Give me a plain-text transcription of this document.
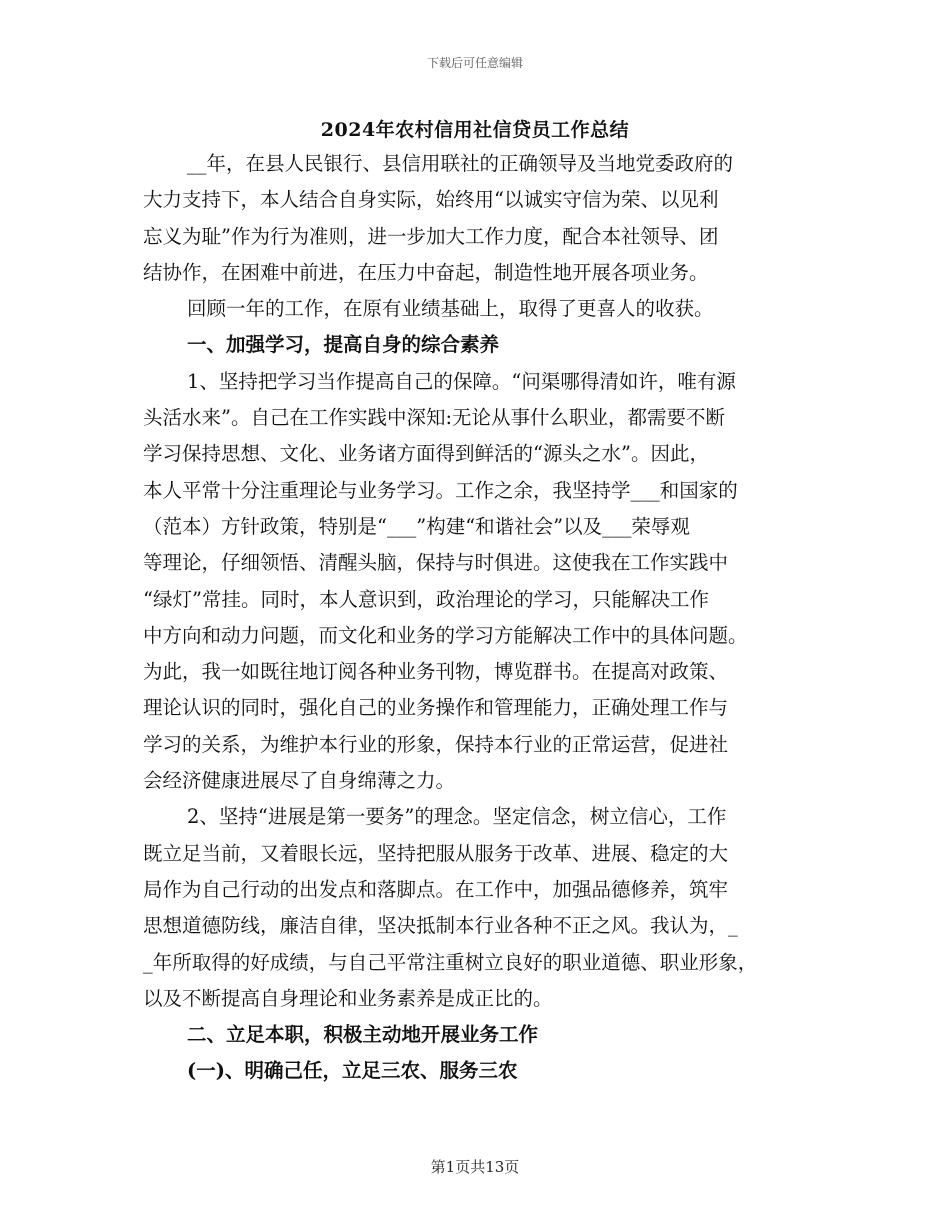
下载后可任意编辑
2024年农村信用社信贷员工作总结
__年，在县人民银行、县信用联社的正确领导及当地党委政府的
大力支持下，本人结合自身实际，始终用“以诚实守信为荣、以见利
忘义为耻”作为行为准则，进一步加大工作力度，配合本社领导、团
结协作，在困难中前进，在压力中奋起，制造性地开展各项业务。
回顾一年的工作，在原有业绩基础上，取得了更喜人的收获。
一、加强学习，提高自身的综合素养
1、坚持把学习当作提高自己的保障。“问渠哪得清如许，唯有源
头活水来”。自己在工作实践中深知:无论从事什么职业，都需要不断
学习保持思想、文化、业务诸方面得到鲜活的“源头之水”。因此，
本人平常十分注重理论与业务学习。工作之余，我坚持学___和国家的
（范本）方针政策，特别是“___”构建“和谐社会”以及___荣辱观
等理论，仔细领悟、清醒头脑，保持与时俱进。这使我在工作实践中
“绿灯”常挂。同时，本人意识到，政治理论的学习，只能解决工作
中方向和动力问题，而文化和业务的学习方能解决工作中的具体问题。
为此，我一如既往地订阅各种业务刊物，博览群书。在提高对政策、
理论认识的同时，强化自己的业务操作和管理能力，正确处理工作与
学习的关系，为维护本行业的形象，保持本行业的正常运营，促进社
会经济健康进展尽了自身绵薄之力。
2、坚持“进展是第一要务”的理念。坚定信念，树立信心，工作
既立足当前，又着眼长远，坚持把服从服务于改革、进展、稳定的大
局作为自己行动的出发点和落脚点。在工作中，加强品德修养，筑牢
思想道德防线，廉洁自律，坚决抵制本行业各种不正之风。我认为，_
_年所取得的好成绩，与自己平常注重树立良好的职业道德、职业形象，
以及不断提高自身理论和业务素养是成正比的。
二、立足本职，积极主动地开展业务工作
(一)、明确己任，立足三农、服务三农
第1页共13页
